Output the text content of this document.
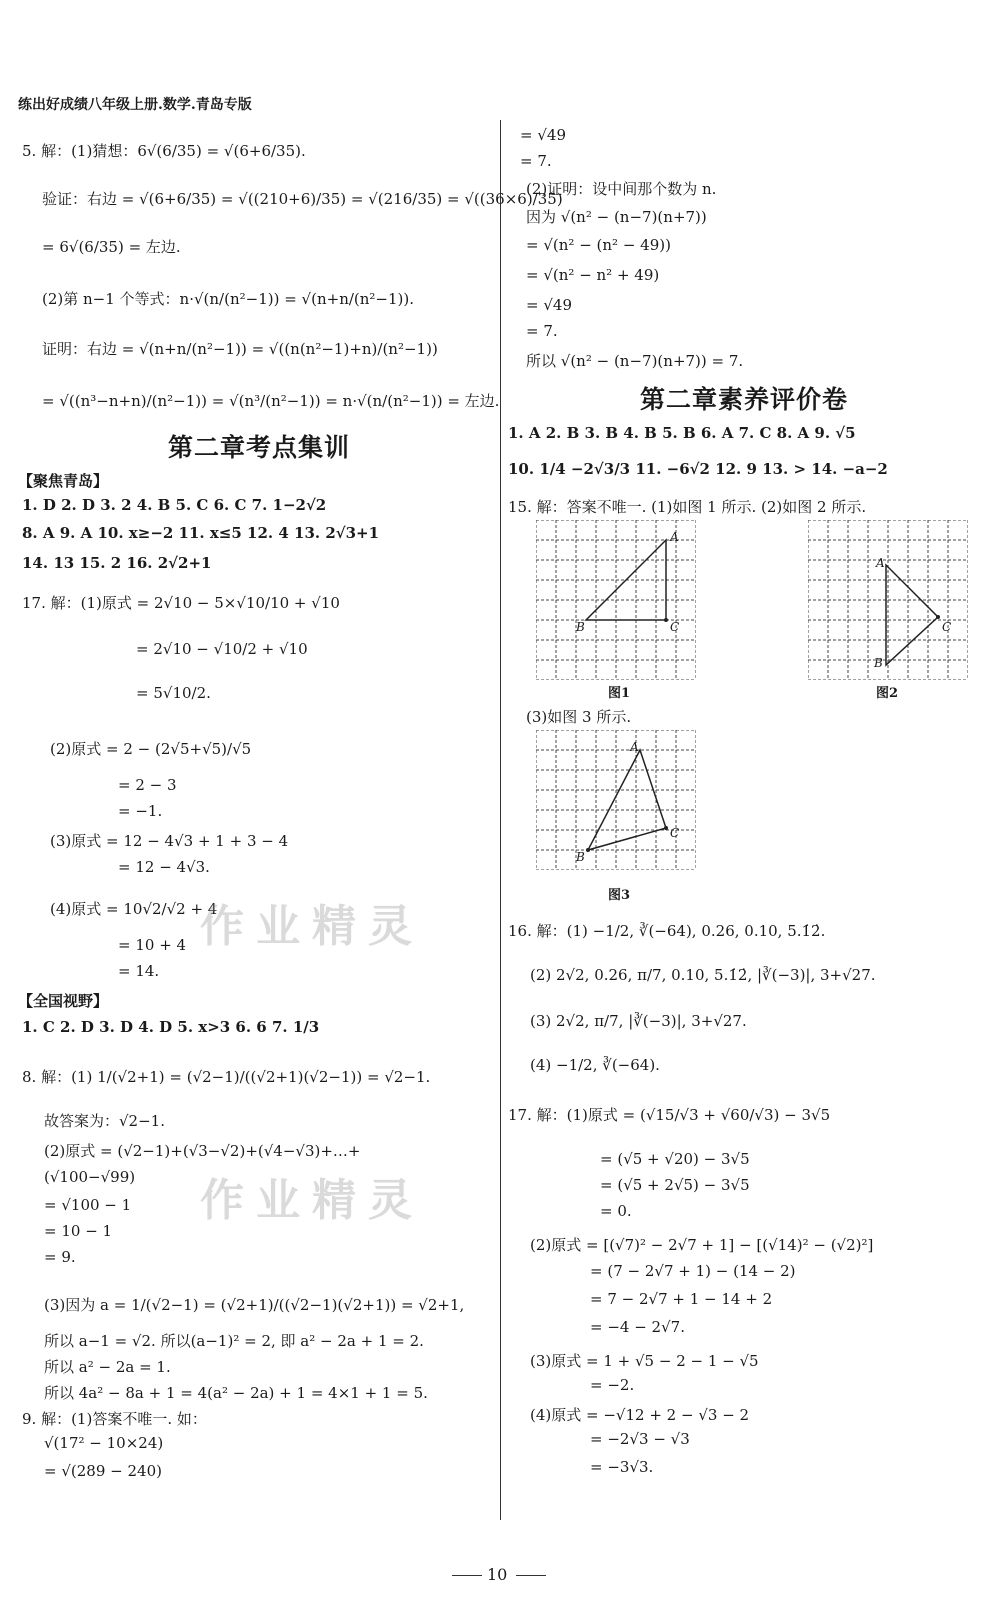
练出好成绩八年级上册.数学.青岛专版
5. 解：(1)猜想：6√(6/35) = √(6+6/35).
验证：右边 = √(6+6/35) = √((210+6)/35) = √(216/35) = √((36×6)/35)
= 6√(6/35) = 左边.
(2)第 n−1 个等式：n·√(n/(n²−1)) = √(n+n/(n²−1)).
证明：右边 = √(n+n/(n²−1)) = √((n(n²−1)+n)/(n²−1))
= √((n³−n+n)/(n²−1)) = √(n³/(n²−1)) = n·√(n/(n²−1)) = 左边.
第二章考点集训
【聚焦青岛】
1. D 2. D 3. 2 4. B 5. C 6. C 7. 1−2√2
8. A 9. A 10. x≥−2 11. x≤5 12. 4 13. 2√3+1
14. 13 15. 2 16. 2√2+1
17. 解：(1)原式 = 2√10 − 5×√10/10 + √10
= 2√10 − √10/2 + √10
= 5√10/2.
(2)原式 = 2 − (2√5+√5)/√5
= 2 − 3
= −1.
(3)原式 = 12 − 4√3 + 1 + 3 − 4
= 12 − 4√3.
(4)原式 = 10√2/√2 + 4
= 10 + 4
= 14.
【全国视野】
1. C 2. D 3. D 4. D 5. x>3 6. 6 7. 1/3
8. 解：(1) 1/(√2+1) = (√2−1)/((√2+1)(√2−1)) = √2−1.
故答案为：√2−1.
(2)原式 = (√2−1)+(√3−√2)+(√4−√3)+…+
(√100−√99)
= √100 − 1
= 10 − 1
= 9.
(3)因为 a = 1/(√2−1) = (√2+1)/((√2−1)(√2+1)) = √2+1,
所以 a−1 = √2. 所以(a−1)² = 2, 即 a² − 2a + 1 = 2.
所以 a² − 2a = 1.
所以 4a² − 8a + 1 = 4(a² − 2a) + 1 = 4×1 + 1 = 5.
9. 解：(1)答案不唯一. 如：
√(17² − 10×24)
= √(289 − 240)
= √49
= 7.
(2)证明：设中间那个数为 n.
因为 √(n² − (n−7)(n+7))
= √(n² − (n² − 49))
= √(n² − n² + 49)
= √49
= 7.
所以 √(n² − (n−7)(n+7)) = 7.
第二章素养评价卷
1. A 2. B 3. B 4. B 5. B 6. A 7. C 8. A 9. √5
10. 1/4 −2√3/3 11. −6√2 12. 9 13. > 14. −a−2
15. 解：答案不唯一. (1)如图 1 所示. (2)如图 2 所示.
A
B	C
图1
A
B
C
图2
(3)如图 3 所示.
A
B
C
图3
16. 解：(1) −1/2, ∛(−64), 0.26, 0.10, 5.1̇2̇.
(2) 2√2, 0.26, π/7, 0.10, 5.1̇2̇, |∛(−3)|, 3+√27.
(3) 2√2, π/7, |∛(−3)|, 3+√27.
(4) −1/2, ∛(−64).
17. 解：(1)原式 = (√15/√3 + √60/√3) − 3√5
= (√5 + √20) − 3√5
= (√5 + 2√5) − 3√5
= 0.
(2)原式 = [(√7)² − 2√7 + 1] − [(√14)² − (√2)²]
= (7 − 2√7 + 1) − (14 − 2)
= 7 − 2√7 + 1 − 14 + 2
= −4 − 2√7.
(3)原式 = 1 + √5 − 2 − 1 − √5
= −2.
(4)原式 = −√12 + 2 − √3 − 2
= −2√3 − √3
= −3√3.
作业精灵
作业精灵
10
